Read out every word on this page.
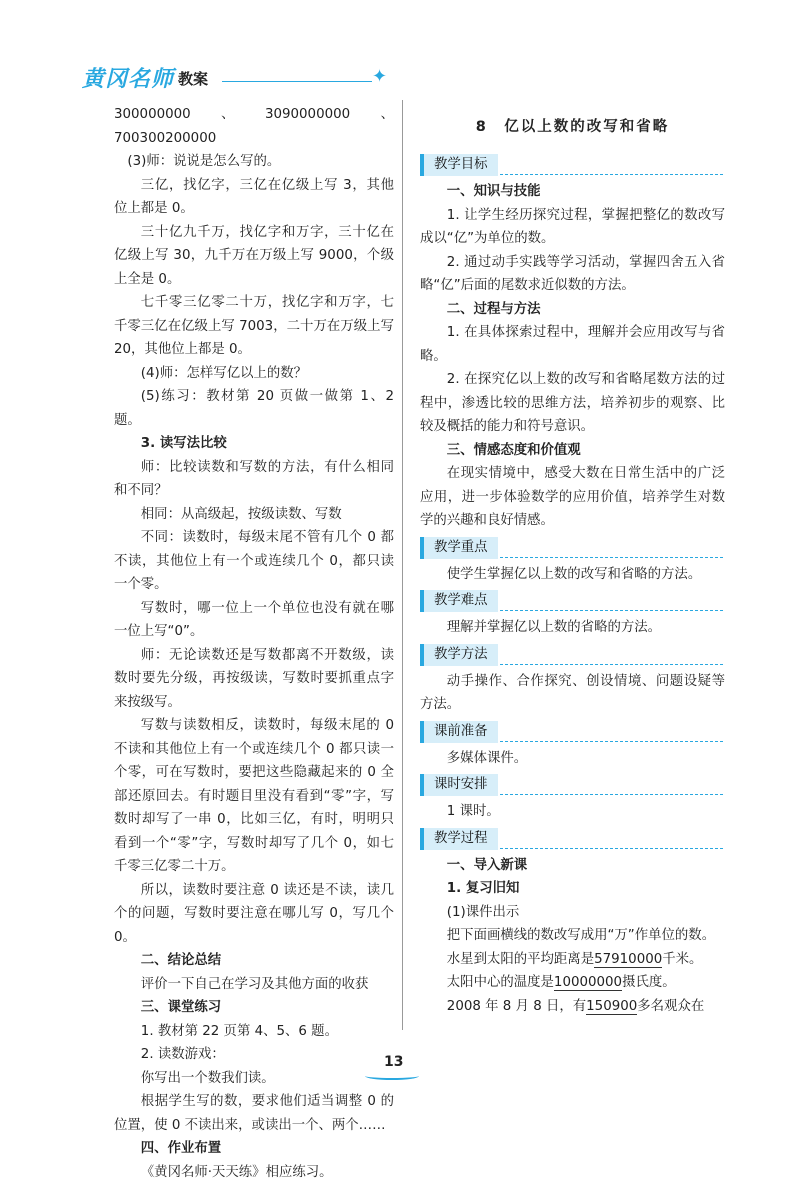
黄冈名师 教案	✦

300000000、3090000000、700300200000

(3)师：说说是怎么写的。

三亿，找亿字，三亿在亿级上写 3，其他位上都是 0。

三十亿九千万，找亿字和万字，三十亿在亿级上写 30，九千万在万级上写 9000，个级上全是 0。

七千零三亿零二十万，找亿字和万字，七千零三亿在亿级上写 7003，二十万在万级上写 20，其他位上都是 0。

(4)师：怎样写亿以上的数？

(5)练习：教材第 20 页做一做第 1、2 题。

3. 读写法比较

师：比较读数和写数的方法，有什么相同和不同？

相同：从高级起，按级读数、写数

不同：读数时，每级末尾不管有几个 0 都不读，其他位上有一个或连续几个 0，都只读一个零。

写数时，哪一位上一个单位也没有就在哪一位上写“0”。

师：无论读数还是写数都离不开数级，读数时要先分级，再按级读，写数时要抓重点字来按级写。

写数与读数相反，读数时，每级末尾的 0 不读和其他位上有一个或连续几个 0 都只读一个零，可在写数时，要把这些隐藏起来的 0 全部还原回去。有时题目里没有看到“零”字，写数时却写了一串 0，比如三亿，有时，明明只看到一个“零”字，写数时却写了几个 0，如七千零三亿零二十万。

所以，读数时要注意 0 读还是不读，读几个的问题，写数时要注意在哪儿写 0，写几个 0。

二、结论总结

评价一下自己在学习及其他方面的收获

三、课堂练习

1. 教材第 22 页第 4、5、6 题。

2. 读数游戏：

你写出一个数我们读。

根据学生写的数，要求他们适当调整 0 的位置，使 0 不读出来，或读出一个、两个……

四、作业布置

《黄冈名师·天天练》相应练习。

8　亿以上数的改写和省略
教学目标

一、知识与技能

1. 让学生经历探究过程，掌握把整亿的数改写成以“亿”为单位的数。

2. 通过动手实践等学习活动，掌握四舍五入省略“亿”后面的尾数求近似数的方法。

二、过程与方法

1. 在具体探索过程中，理解并会应用改写与省略。

2. 在探究亿以上数的改写和省略尾数方法的过程中，渗透比较的思维方法，培养初步的观察、比较及概括的能力和符号意识。

三、情感态度和价值观

在现实情境中，感受大数在日常生活中的广泛应用，进一步体验数学的应用价值，培养学生对数学的兴趣和良好情感。

教学重点

使学生掌握亿以上数的改写和省略的方法。

教学难点

理解并掌握亿以上数的省略的方法。

教学方法

动手操作、合作探究、创设情境、问题设疑等方法。

课前准备

多媒体课件。

课时安排

1 课时。

教学过程

一、导入新课

1. 复习旧知

(1)课件出示

把下面画横线的数改写成用“万”作单位的数。

水星到太阳的平均距离是57910000千米。

太阳中心的温度是10000000摄氏度。

2008 年 8 月 8 日，有150900多名观众在

13
